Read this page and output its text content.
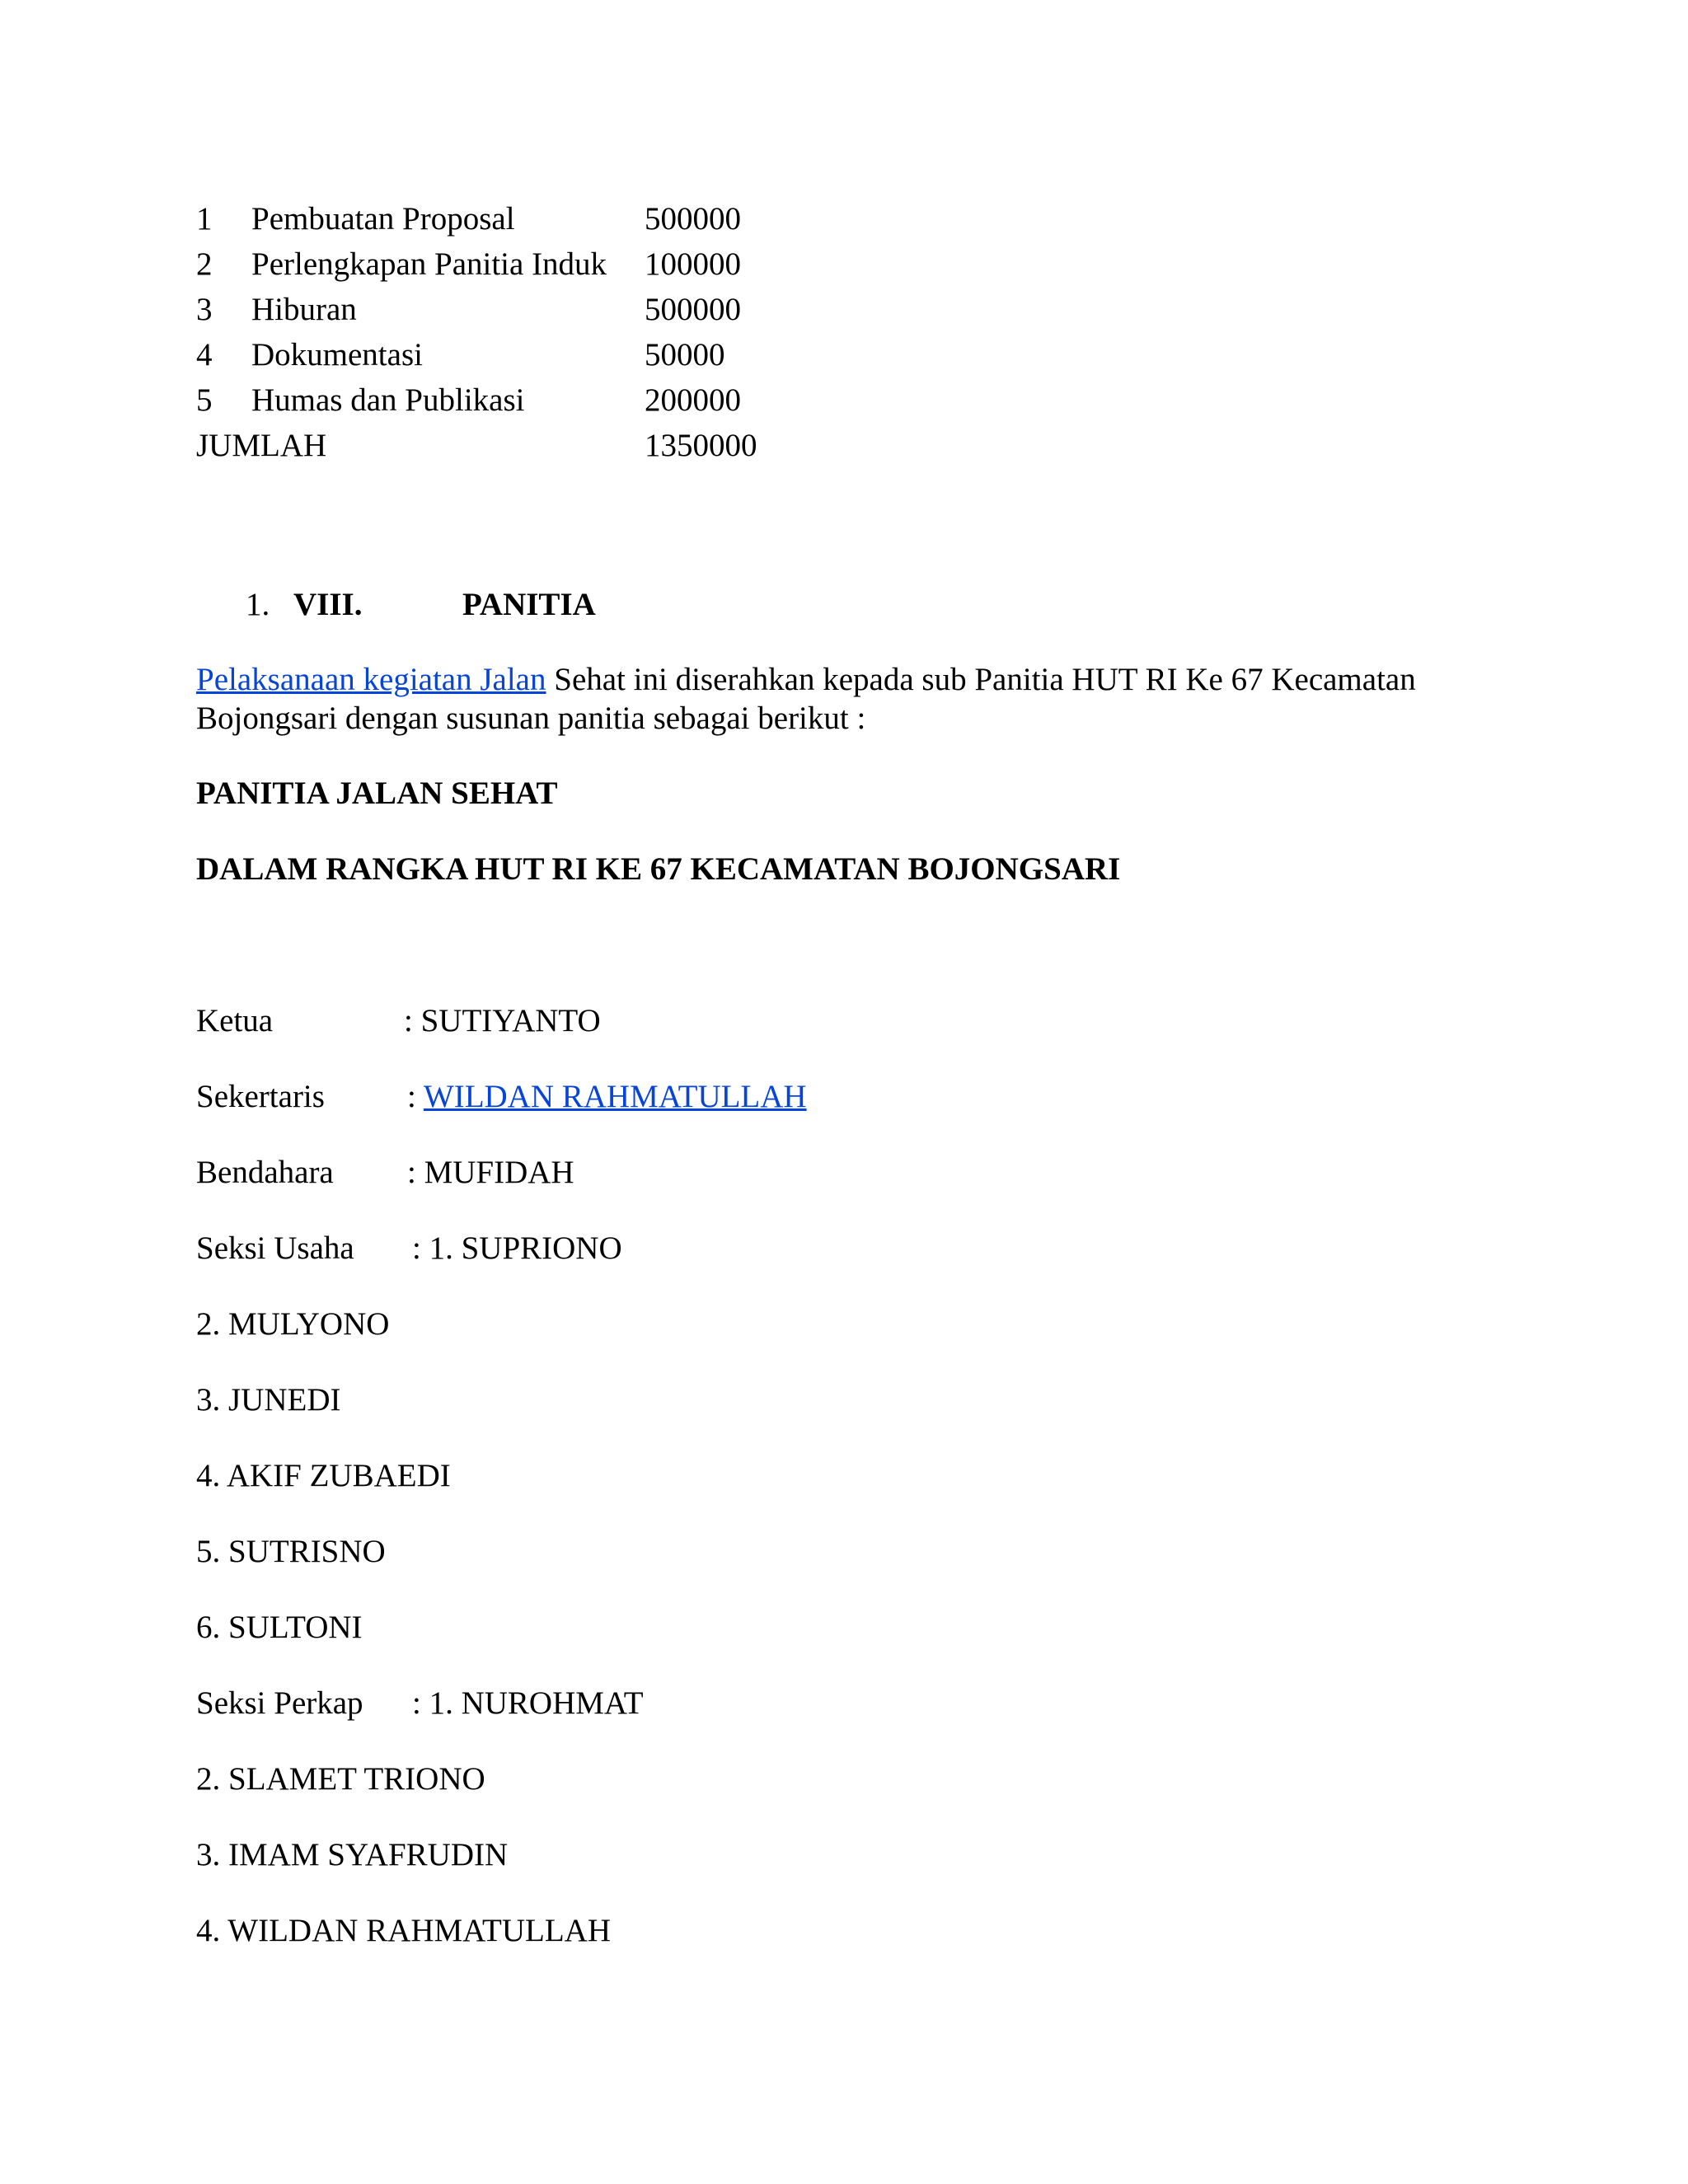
1 Pembuatan Proposal	500000
2 Perlengkapan Panitia Induk 100000
3 Hiburan	500000
4 Dokumentasi	50000
5 Humas dan Publikasi	200000
JUMLAH	1350000
1. VIII.	PANITIA
Pelaksanaan kegiatan Jalan Sehat ini diserahkan kepada sub Panitia HUT RI Ke 67 Kecamatan
Bojongsari dengan susunan panitia sebagai berikut :
PANITIA JALAN SEHAT
DALAM RANGKA HUT RI KE 67 KECAMATAN BOJONGSARI
Ketua	: SUTIYANTO
Sekertaris	: WILDAN RAHMATULLAH
Bendahara : MUFIDAH
Seksi Usaha : 1. SUPRIONO
2. MULYONO
3. JUNEDI
4. AKIF ZUBAEDI
5. SUTRISNO
6. SULTONI
Seksi Perkap : 1. NUROHMAT
2. SLAMET TRIONO
3. IMAM SYAFRUDIN
4. WILDAN RAHMATULLAH
